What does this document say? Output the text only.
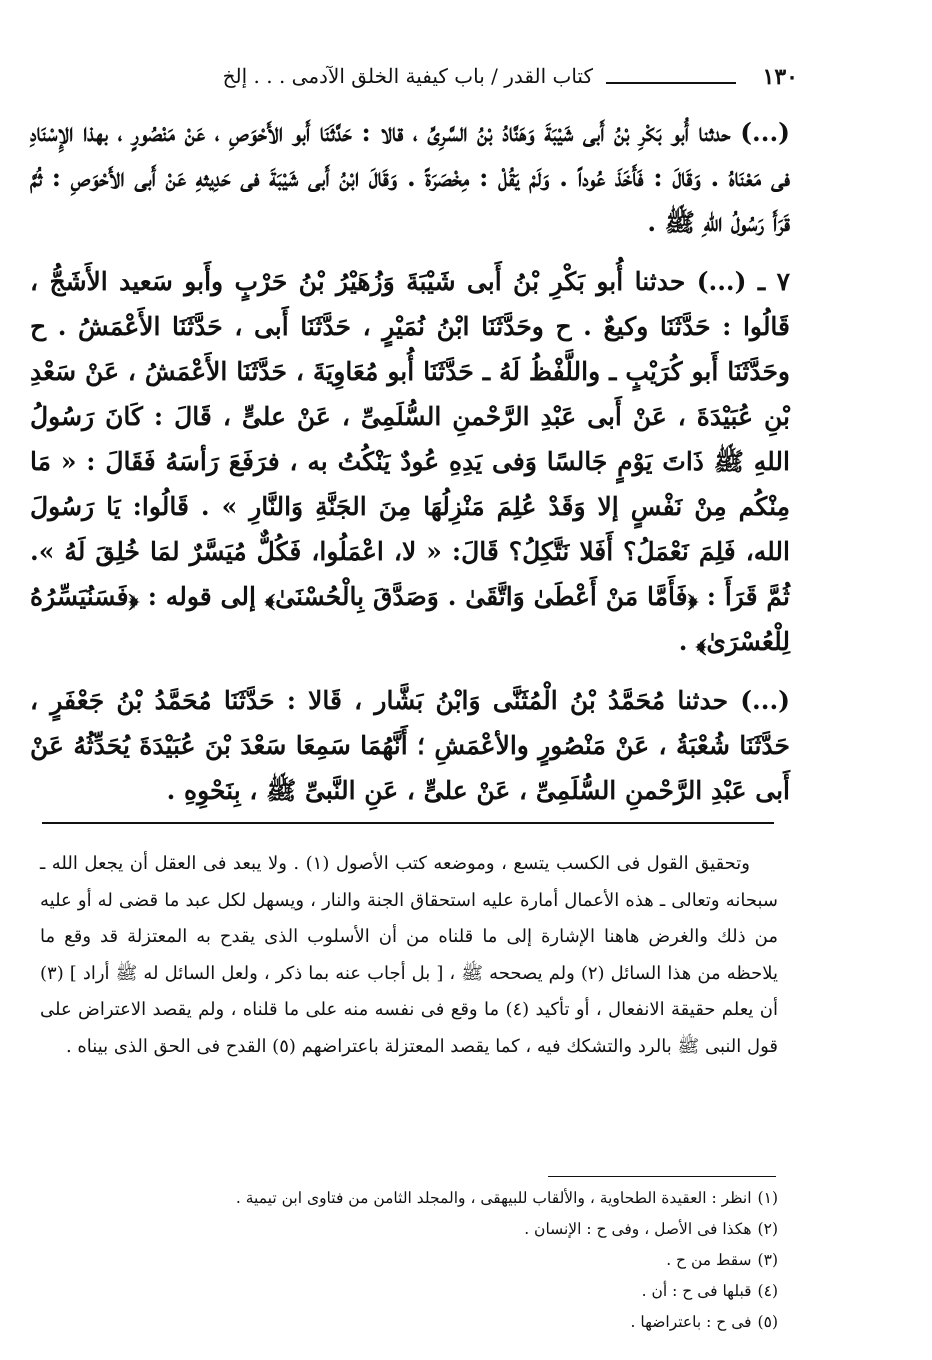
١٣٠
كتاب القدر / باب كيفية الخلق الآدمى . . . إلخ

(...) حدثنا أُبو بَكْرِ بْنُ أَبى شَيْبَةَ وَهَنَّادُ بْنُ السَّرِىِّ ، قالا : حَدَّثَنَا أَبو الأَحْوَصِ ، عَنْ مَنْصُورٍ ، بهذا الإِسْنَادِ فى مَعْنَاهُ . وَقَالَ : فَأَخَذَ عُوداً . وَلَمْ يَقُلْ : مِخْصَرَةً . وَقَالَ ابْنُ أَبى شَيْبَةَ فى حَدِيثهِ عَنْ أَبى الأَحْوَصِ : ثُمَّ قَرَأَ رَسُولُ اللهِ ﷺ .

٧ ـ (...) حدثنا أُبو بَكْرِ بْنُ أَبى شَيْبَةَ وَزُهَيْرُ بْنُ حَرْبٍ وأَبو سَعيد الأَشَجُّ ، قَالُوا : حَدَّثَنَا وكيعٌ . ح وحَدَّثَنَا ابْنُ نُمَيْرٍ ، حَدَّثَنَا أَبى ، حَدَّثَنَا الأَعْمَشُ . ح وحَدَّثَنَا أَبو كُرَيْبٍ ـ واللَّفْظُ لَهُ ـ حَدَّثَنَا أُبو مُعَاوِيَةَ ، حَدَّثَنَا الأَعْمَشُ ، عَنْ سَعْدِ بْنِ عُبَيْدَةَ ، عَنْ أَبى عَبْدِ الرَّحْمنِ السُّلَمِىِّ ، عَنْ علىٍّ ، قَالَ : كَانَ رَسُولُ اللهِ ﷺ ذَاتَ يَوْمٍ جَالسًا وَفى يَدِهِ عُودٌ يَنْكُتُ به ، فرَفَعَ رَأسَهُ فَقَالَ : « مَا مِنْكُم مِنْ نَفْسٍ إلا وَقَدْ عُلِمَ مَنْزِلُهَا مِنَ الجَنَّةِ وَالنَّارِ » . قَالُوا: يَا رَسُولَ الله، فَلِمَ نَعْمَلُ؟ أَفَلا نَتَّكِلُ؟ قَالَ: « لا، اعْمَلُوا، فَكُلٌّ مُيَسَّرٌ لمَا خُلِقَ لَهُ ». ثُمَّ قَرَأَ : ﴿فَأَمَّا مَنْ أَعْطَىٰ وَاتَّقَىٰ . وَصَدَّقَ بِالْحُسْنَىٰ﴾ إلى قوله : ﴿فَسَنُيَسِّرُهُ لِلْعُسْرَىٰ﴾ .

(...) حدثنا مُحَمَّدُ بْنُ الْمُثَنَّى وَابْنُ بَشَّار ، قَالا : حَدَّثَنَا مُحَمَّدُ بْنُ جَعْفَرٍ ، حَدَّثَنَا شُعْبَةُ ، عَنْ مَنْصُورٍ والأعْمَشِ ؛ أَنَّهُمَا سَمِعَا سَعْدَ بْنَ عُبَيْدَةَ يُحَدِّثُهُ عَنْ أَبى عَبْدِ الرَّحْمنِ السُّلَمِىِّ ، عَنْ علىٍّ ، عَنِ النَّبىِّ ﷺ ، بِنَحْوِهِ .

وتحقيق القول فى الكسب يتسع ، وموضعه كتب الأصول (١) . ولا يبعد فى العقل أن يجعل الله ـ سبحانه وتعالى ـ هذه الأعمال أمارة عليه استحقاق الجنة والنار ، ويسهل لكل عبد ما قضى له أو عليه من ذلك والغرض هاهنا الإشارة إلى ما قلناه من أن الأسلوب الذى يقدح به المعتزلة قد وقع ما يلاحظه من هذا السائل (٢) ولم يصححه ﷺ ، [ بل أجاب عنه بما ذكر ، ولعل السائل له ﷺ أراد ] (٣) أن يعلم حقيقة الانفعال ، أو تأكيد (٤) ما وقع فى نفسه منه على ما قلناه ، ولم يقصد الاعتراض على قول النبى ﷺ بالرد والتشكك فيه ، كما يقصد المعتزلة باعتراضهم (٥) القدح فى الحق الذى بيناه .

(١)انظر : العقيدة الطحاوية ، والألقاب للبيهقى ، والمجلد الثامن من فتاوى ابن تيمية .
(٢)هكذا فى الأصل ، وفى ح : الإنسان .
(٣)سقط من ح .
(٤)قبلها فى ح : أن .
(٥)فى ح : باعتراضها .
